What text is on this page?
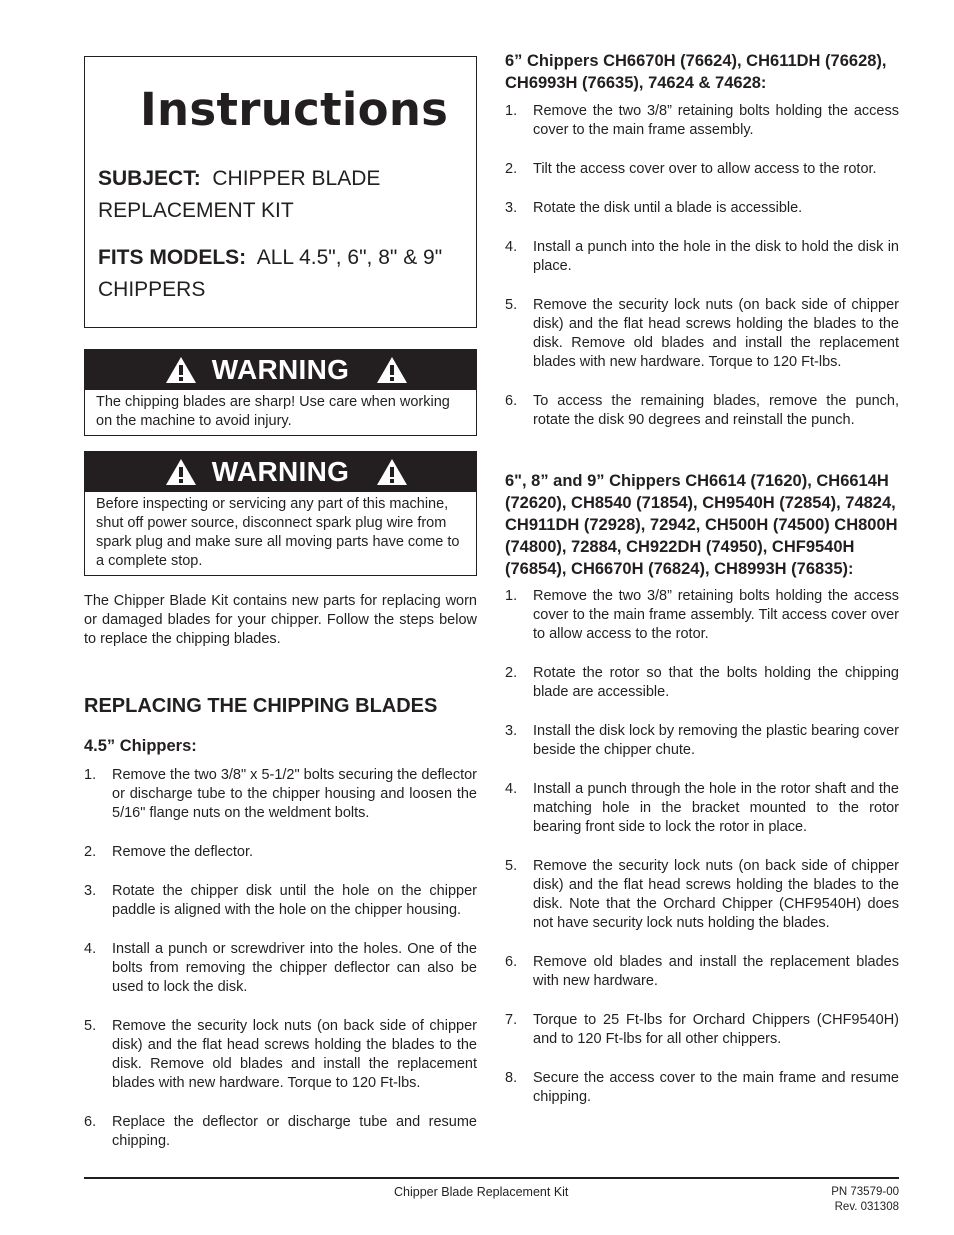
Instructions
SUBJECT: CHIPPER BLADE REPLACEMENT KIT
FITS MODELS: ALL 4.5", 6", 8" & 9" CHIPPERS
WARNING
The chipping blades are sharp! Use care when working on the machine to avoid injury.
WARNING
Before inspecting or servicing any part of this machine, shut off power source, disconnect spark plug wire from spark plug and make sure all moving parts have come to a complete stop.

The Chipper Blade Kit contains new parts for replacing worn or damaged blades for your chipper. Follow the steps below to replace the chipping blades.

REPLACING THE CHIPPING BLADES
4.5” Chippers:
1. Remove the two 3/8" x 5-1/2" bolts securing the deflector or discharge tube to the chipper housing and loosen the 5/16" flange nuts on the weldment bolts.
2. Remove the deflector.
3. Rotate the chipper disk until the hole on the chipper paddle is aligned with the hole on the chipper housing.
4. Install a punch or screwdriver into the holes. One of the bolts from removing the chipper deflector can also be used to lock the disk.
5. Remove the security lock nuts (on back side of chipper disk) and the flat head screws holding the blades to the disk. Remove old blades and install the replacement blades with new hardware. Torque to 120 Ft-lbs.
6. Replace the deflector or discharge tube and resume chipping.

6” Chippers CH6670H (76624), CH611DH (76628), CH6993H (76635), 74624 & 74628:

1. Remove the two 3/8” retaining bolts holding the access cover to the main frame assembly.
2. Tilt the access cover over to allow access to the rotor.
3. Rotate the disk until a blade is accessible.
4. Install a punch into the hole in the disk to hold the disk in place.
5. Remove the security lock nuts (on back side of chipper disk) and the flat head screws holding the blades to the disk. Remove old blades and install the replacement blades with new hardware. Torque to 120 Ft-lbs.
6. To access the remaining blades, remove the punch, rotate the disk 90 degrees and reinstall the punch.

6", 8” and 9” Chippers CH6614 (71620), CH6614H (72620), CH8540 (71854), CH9540H (72854), 74824, CH911DH (72928), 72942, CH500H (74500) CH800H (74800), 72884, CH922DH (74950), CHF9540H (76854), CH6670H (76824), CH8993H (76835):

1. Remove the two 3/8” retaining bolts holding the access cover to the main frame assembly. Tilt access cover over to allow access to the rotor.
2. Rotate the rotor so that the bolts holding the chipping blade are accessible.
3. Install the disk lock by removing the plastic bearing cover beside the chipper chute.
4. Install a punch through the hole in the rotor shaft and the matching hole in the bracket mounted to the rotor bearing front side to lock the rotor in place.
5. Remove the security lock nuts (on back side of chipper disk) and the flat head screws holding the blades to the disk. Note that the Orchard Chipper (CHF9540H) does not have security lock nuts holding the blades.
6. Remove old blades and install the replacement blades with new hardware.
7. Torque to 25 Ft-lbs for Orchard Chippers (CHF9540H) and to 120 Ft-lbs for all other chippers.
8. Secure the access cover to the main frame and resume chipping.
Chipper Blade Replacement Kit	PN 73579-00
Rev. 031308
